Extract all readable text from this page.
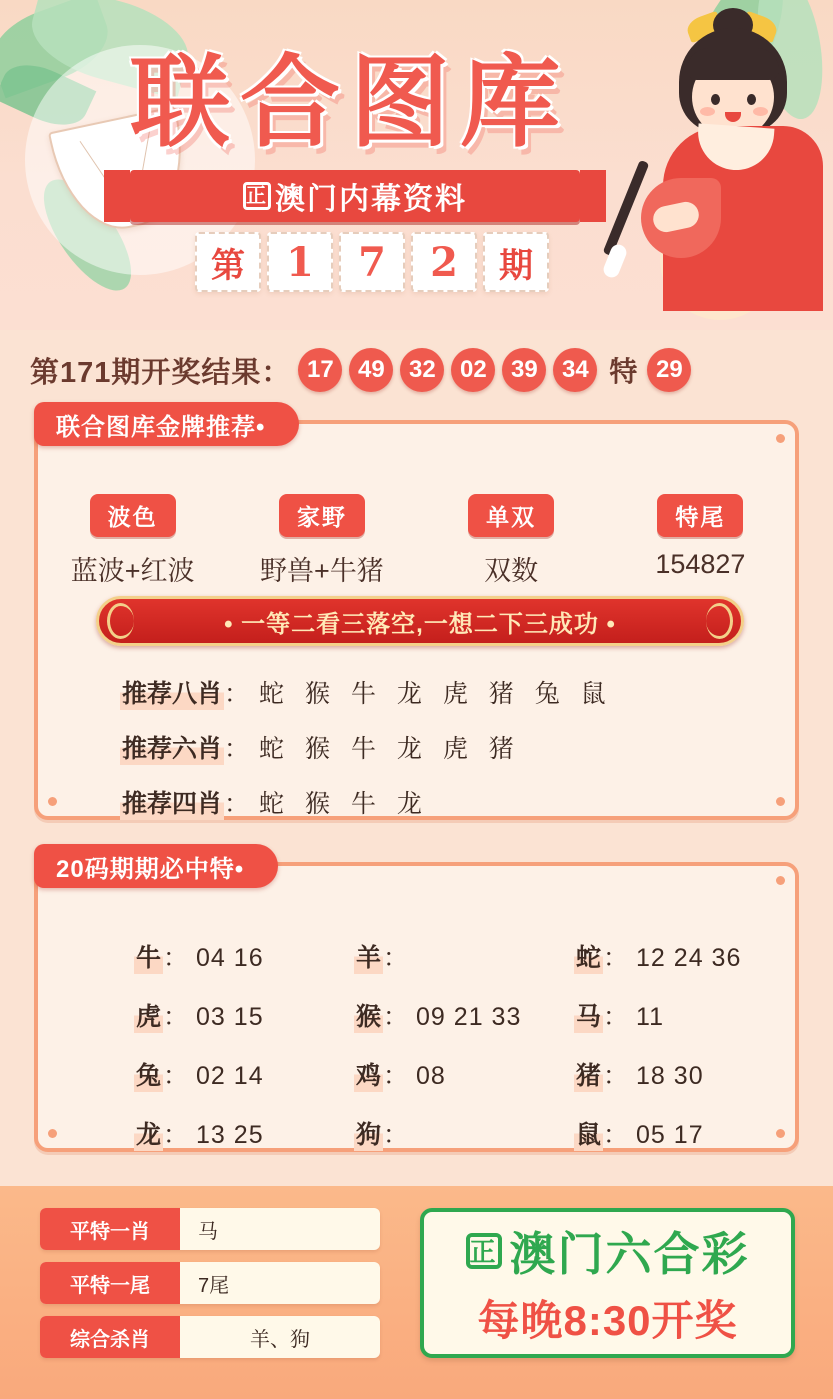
联合图库
正 澳门内幕资料
第	1	7	2	期
第171期开奖结果： 17	49	32	02	39	34 特 29
联合图库金牌推荐•
波色
蓝波+红波
家野
野兽+牛猪
单双
双数
特尾
154827
• 一等二看三落空,一想二下三成功 •
推荐八肖 ： 蛇 猴 牛 龙 虎 猪 兔 鼠
推荐六肖 ： 蛇 猴 牛 龙 虎 猪
推荐四肖 ： 蛇 猴 牛 龙
20码期期必中特•
牛 ： 04 16	羊 ：	蛇 ： 12 24 36
虎 ： 03 15	猴 ： 09 21 33 马 ： 11
兔 ： 02 14	鸡 ： 08	猪 ： 18 30
龙 ： 13 25	狗 ：	鼠 ： 05 17
平特一肖	马
平特一尾	7尾
综合杀肖	羊、狗
正 澳门六合彩
每晚8:30开奖
